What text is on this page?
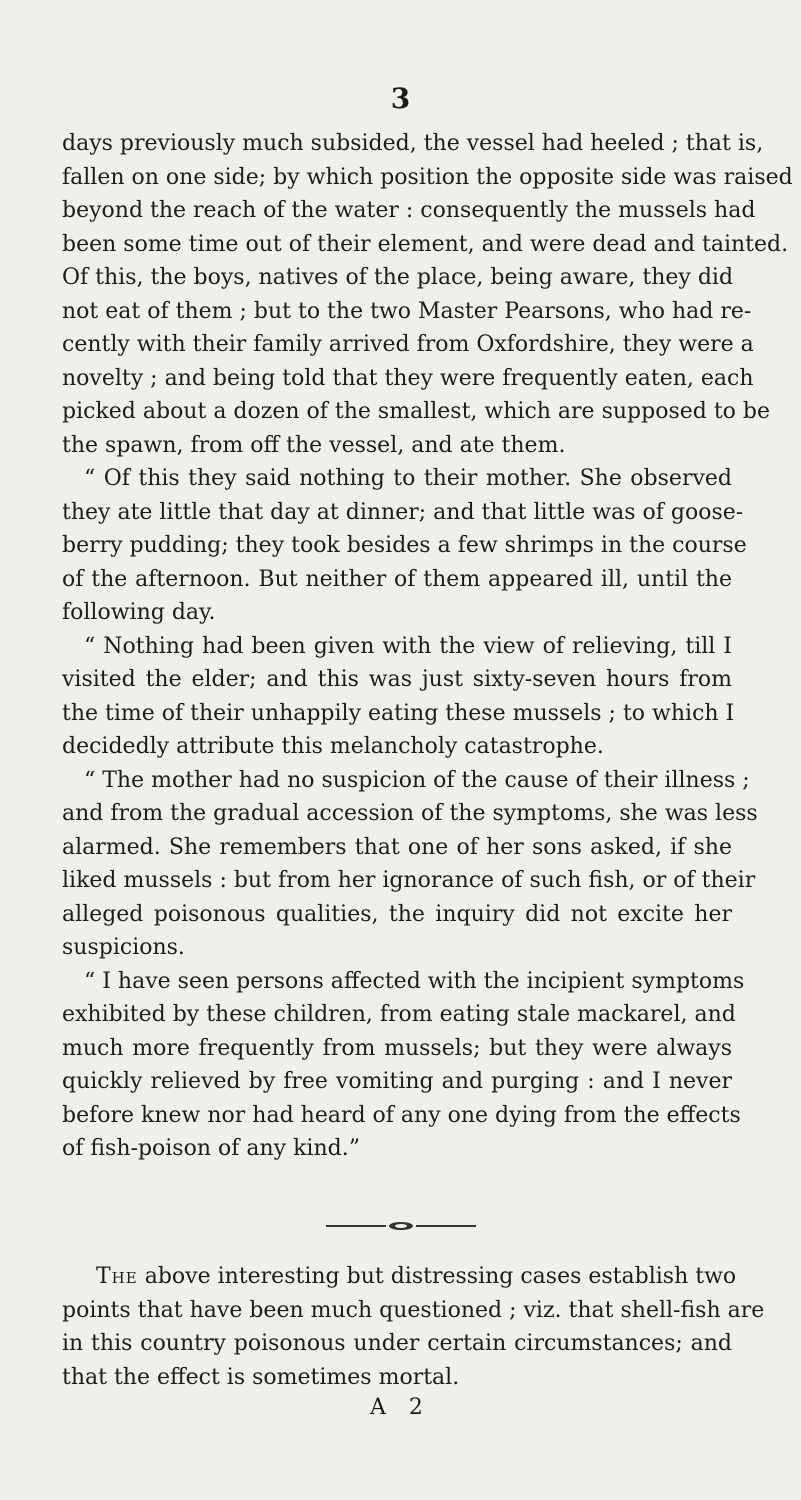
3

days previously much subsided, the vessel had heeled ; that is,
fallen on one side; by which position the opposite side was raised
beyond the reach of the water : consequently the mussels had
been some time out of their element, and were dead and tainted.
Of this, the boys, natives of the place, being aware, they did
not eat of them ; but to the two Master Pearsons, who had re-
cently with their family arrived from Oxfordshire, they were a
novelty ; and being told that they were frequently eaten, each
picked about a dozen of the smallest, which are supposed to be
the spawn, from off the vessel, and ate them.

“ Of this they said nothing to their mother. She observed
they ate little that day at dinner; and that little was of goose-
berry pudding; they took besides a few shrimps in the course
of the afternoon. But neither of them appeared ill, until the
following day.

“ Nothing had been given with the view of relieving, till I
visited the elder; and this was just sixty-seven hours from
the time of their unhappily eating these mussels ; to which I
decidedly attribute this melancholy catastrophe.

“ The mother had no suspicion of the cause of their illness ;
and from the gradual accession of the symptoms, she was less
alarmed. She remembers that one of her sons asked, if she
liked mussels : but from her ignorance of such fish, or of their
alleged poisonous qualities, the inquiry did not excite her
suspicions.

“ I have seen persons affected with the incipient symptoms
exhibited by these children, from eating stale mackarel, and
much more frequently from mussels; but they were always
quickly relieved by free vomiting and purging : and I never
before knew nor had heard of any one dying from the effects
of fish-poison of any kind.”

The above interesting but distressing cases establish two
points that have been much questioned ; viz. that shell-fish are
in this country poisonous under certain circumstances; and
that the effect is sometimes mortal.

A 2
